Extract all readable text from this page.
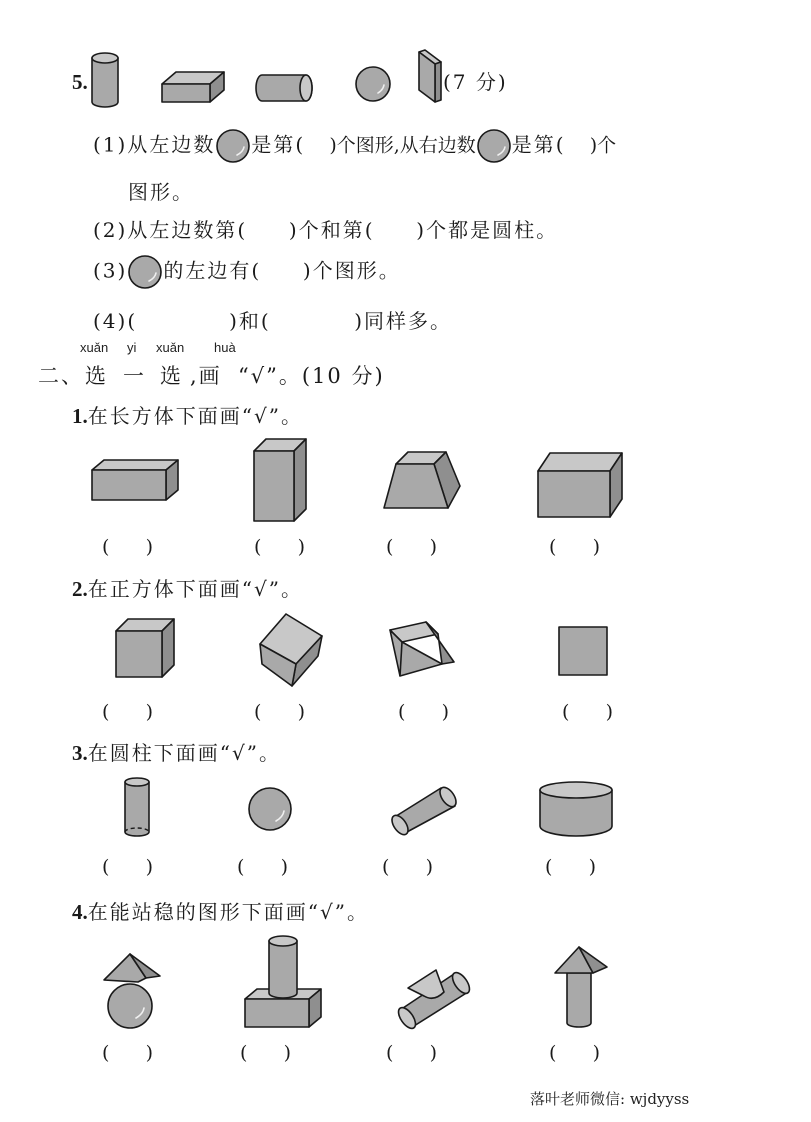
5.	(7 分)
(1)从左边数 是第(    )个图形,从右边数 是第(    )个
图形。
(2)从左边数第(     )个和第(     )个都是圆柱。
(3) 的左边有(     )个图形。
(4)(           )和(          )同样多。
二、
xuǎn yi xuǎn huà
选 一 选 ,画 “√”。(10 分)
1.在长方体下面画“√”。
(      )	(      )	(      )	(      )
2.在正方体下面画“√”。
(      )	(      )	(      )	(      )
3.在圆柱下面画“√”。
(      )	(      )	(      )	(      )
4.在能站稳的图形下面画“√”。
(      )	(      )	(      )	(      )
落叶老师微信: wjdyyss
